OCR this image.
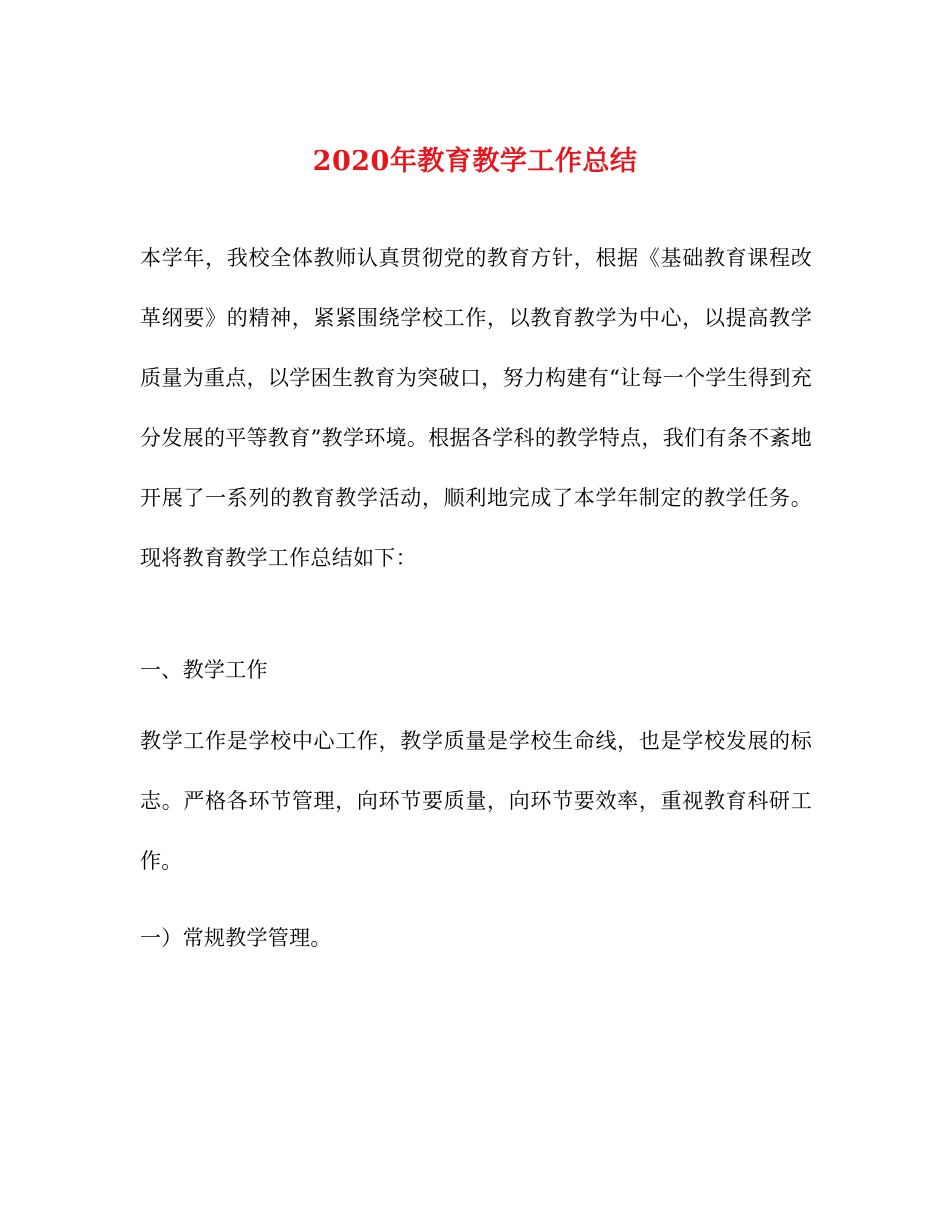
2020年教育教学工作总结

本学年，我校全体教师认真贯彻党的教育方针，根据《基础教育课程改革纲要》的精神，紧紧围绕学校工作，以教育教学为中心，以提高教学质量为重点，以学困生教育为突破口，努力构建有“让每一个学生得到充分发展的平等教育”教学环境。根据各学科的教学特点，我们有条不紊地开展了一系列的教育教学活动，顺利地完成了本学年制定的教学任务。现将教育教学工作总结如下：

一、教学工作

教学工作是学校中心工作，教学质量是学校生命线，也是学校发展的标志。严格各环节管理，向环节要质量，向环节要效率，重视教育科研工作。

一）常规教学管理。
